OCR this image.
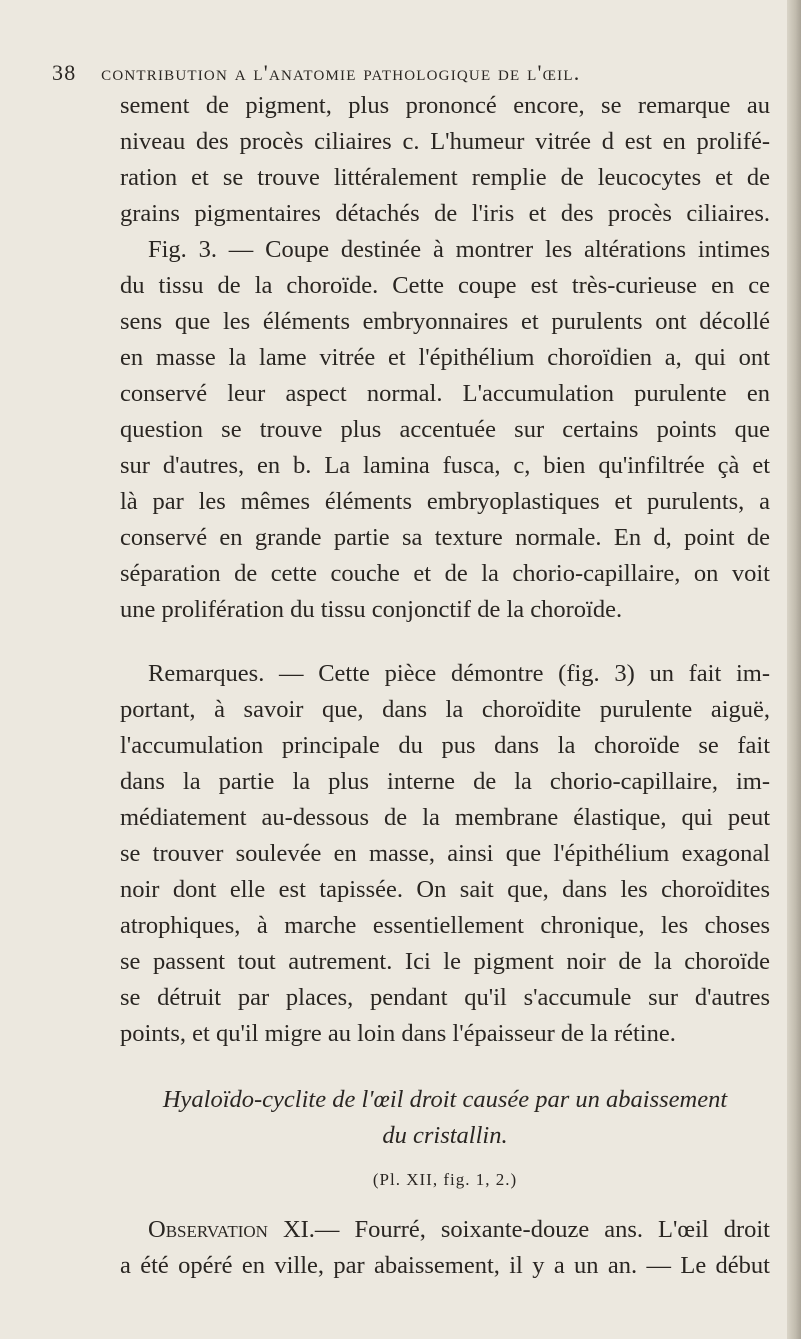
38 contribution a l'anatomie pathologique de l'œil.
sement de pigment, plus prononcé encore, se remarque au
niveau des procès ciliaires c. L'humeur vitrée d est en prolifé-
ration et se trouve littéralement remplie de leucocytes et de
grains pigmentaires détachés de l'iris et des procès ciliaires.
Fig. 3. — Coupe destinée à montrer les altérations intimes
du tissu de la choroïde. Cette coupe est très-curieuse en ce
sens que les éléments embryonnaires et purulents ont décollé
en masse la lame vitrée et l'épithélium choroïdien a, qui ont
conservé leur aspect normal. L'accumulation purulente en
question se trouve plus accentuée sur certains points que
sur d'autres, en b. La lamina fusca, c, bien qu'infiltrée çà et
là par les mêmes éléments embryoplastiques et purulents, a
conservé en grande partie sa texture normale. En d, point de
séparation de cette couche et de la chorio-capillaire, on voit
une prolifération du tissu conjonctif de la choroïde.
Remarques. — Cette pièce démontre (fig. 3) un fait im-
portant, à savoir que, dans la choroïdite purulente aiguë,
l'accumulation principale du pus dans la choroïde se fait
dans la partie la plus interne de la chorio-capillaire, im-
médiatement au-dessous de la membrane élastique, qui peut
se trouver soulevée en masse, ainsi que l'épithélium exagonal
noir dont elle est tapissée. On sait que, dans les choroïdites
atrophiques, à marche essentiellement chronique, les choses
se passent tout autrement. Ici le pigment noir de la choroïde
se détruit par places, pendant qu'il s'accumule sur d'autres
points, et qu'il migre au loin dans l'épaisseur de la rétine.
Hyaloïdo-cyclite de l'œil droit causée par un abaissement
du cristallin.
(Pl. XII, fig. 1, 2.)
Observation XI.— Fourré, soixante-douze ans. L'œil droit
a été opéré en ville, par abaissement, il y a un an. — Le début
